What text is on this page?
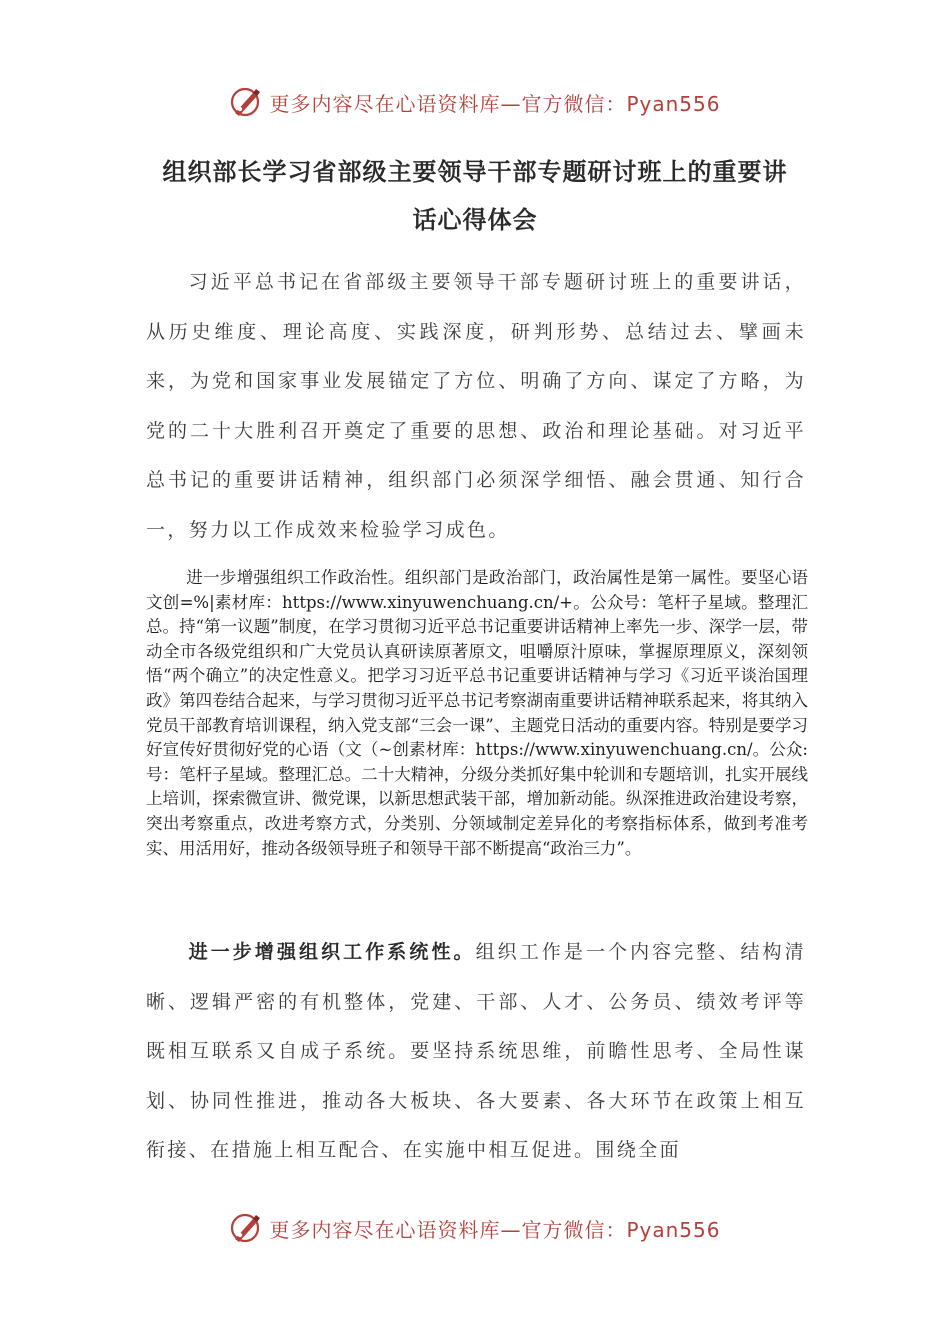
更多内容尽在心语资料库—官方微信：Pyan556
组织部长学习省部级主要领导干部专题研讨班上的重要讲
话心得体会

习近平总书记在省部级主要领导干部专题研讨班上的重要讲话，从历史维度、理论高度、实践深度，研判形势、总结过去、擘画未来，为党和国家事业发展锚定了方位、明确了方向、谋定了方略，为党的二十大胜利召开奠定了重要的思想、政治和理论基础。对习近平总书记的重要讲话精神，组织部门必须深学细悟、融会贯通、知行合一，努力以工作成效来检验学习成色。

进一步增强组织工作政治性。组织部门是政治部门，政治属性是第一属性。要坚心语文创=%|素材库：https://www.xinyuwenchuang.cn/+。公众号：笔杆子星域。整理汇总。持“第一议题”制度，在学习贯彻习近平总书记重要讲话精神上率先一步、深学一层，带动全市各级党组织和广大党员认真研读原著原文，咀嚼原汁原味，掌握原理原义，深刻领悟“两个确立”的决定性意义。把学习习近平总书记重要讲话精神与学习《习近平谈治国理政》第四卷结合起来，与学习贯彻习近平总书记考察湖南重要讲话精神联系起来，将其纳入党员干部教育培训课程，纳入党支部“三会一课”、主题党日活动的重要内容。特别是要学习好宣传好贯彻好党的心语（文（~创素材库：https://www.xinyuwenchuang.cn/。公众:号：笔杆子星域。整理汇总。二十大精神，分级分类抓好集中轮训和专题培训，扎实开展线上培训，探索微宣讲、微党课，以新思想武装干部，增加新动能。纵深推进政治建设考察，突出考察重点，改进考察方式，分类别、分领域制定差异化的考察指标体系，做到考准考实、用活用好，推动各级领导班子和领导干部不断提高“政治三力”。

进一步增强组织工作系统性。组织工作是一个内容完整、结构清晰、逻辑严密的有机整体，党建、干部、人才、公务员、绩效考评等既相互联系又自成子系统。要坚持系统思维，前瞻性思考、全局性谋划、协同性推进，推动各大板块、各大要素、各大环节在政策上相互衔接、在措施上相互配合、在实施中相互促进。围绕全面

更多内容尽在心语资料库—官方微信：Pyan556
